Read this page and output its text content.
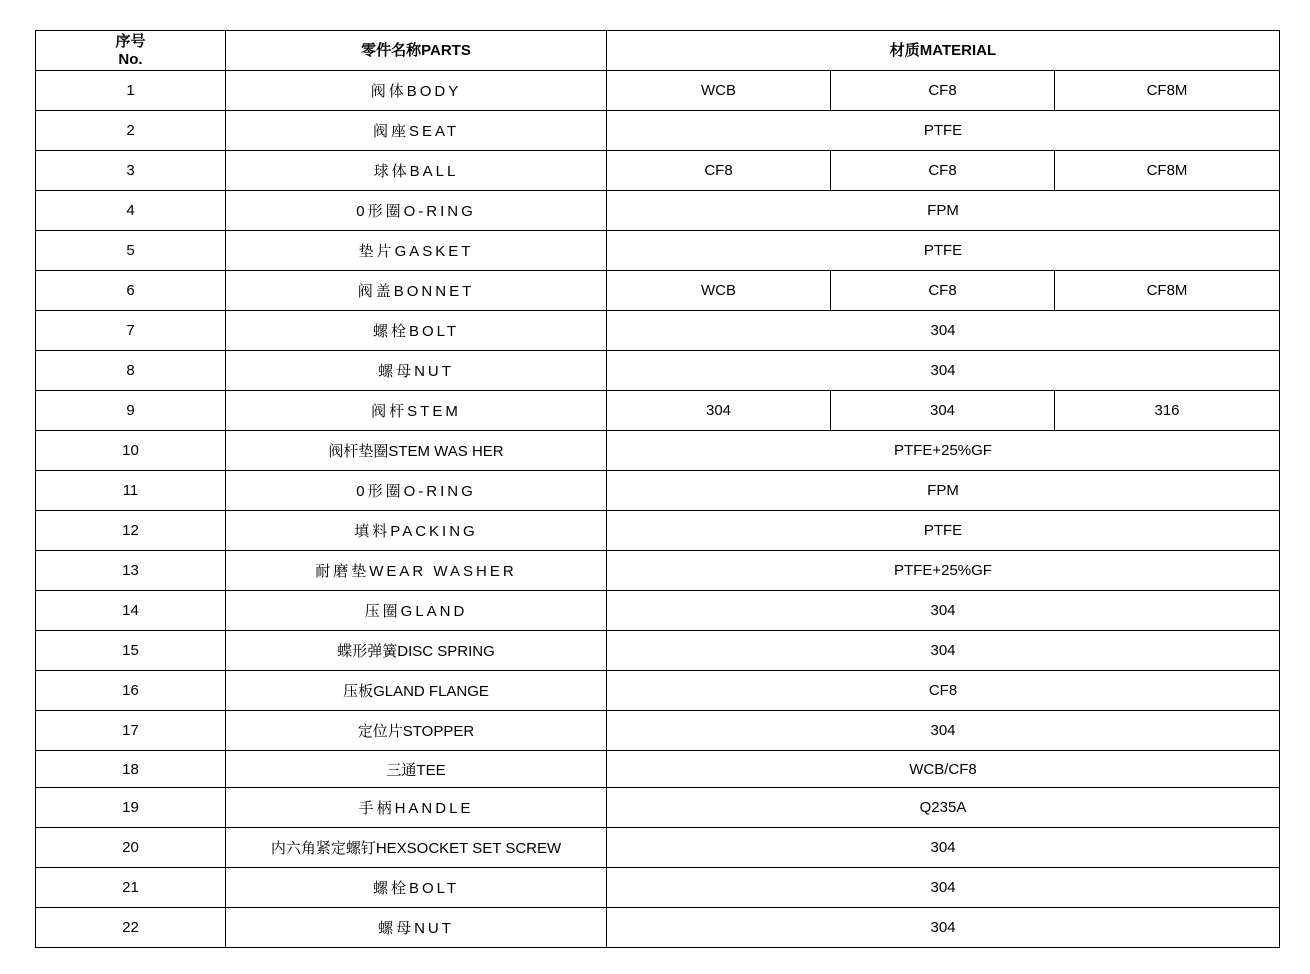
序号
No.	零件名称PARTS	材质MATERIAL		
1	阀体BODY	WCB	CF8	CF8M
2	阀座SEAT	PTFE		
3	球体BALL	CF8	CF8	CF8M
4	0形圈O-RING	FPM		
5	垫片GASKET	PTFE		
6	阀盖BONNET	WCB	CF8	CF8M
7	螺栓BOLT	304		
8	螺母NUT	304		
9	阀杆STEM	304	304	316
10	阀杆垫圈STEM WAS HER	PTFE+25%GF		
11	0形圈O-RING	FPM		
12	填料PACKING	PTFE		
13	耐磨垫WEAR WASHER	PTFE+25%GF		
14	压圈GLAND	304		
15	蝶形弹簧DISC SPRING	304		
16	压板GLAND FLANGE	CF8		
17	定位片STOPPER	304		
18	三通TEE	WCB/CF8		
19	手柄HANDLE	Q235A		
20	内六角紧定螺钉HEXSOCKET SET SCREW	304		
21	螺栓BOLT	304		
22	螺母NUT	304		
